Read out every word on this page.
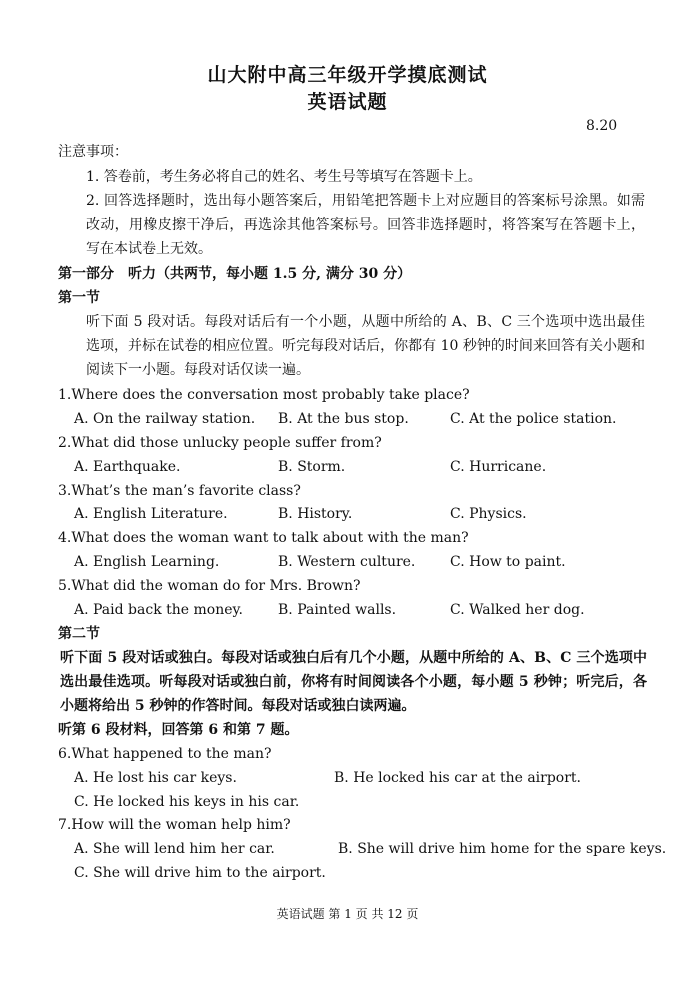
山大附中高三年级开学摸底测试
英语试题
8.20
注意事项：
1. 答卷前，考生务必将自己的姓名、考生号等填写在答题卡上。
2. 回答选择题时，选出每小题答案后，用铅笔把答题卡上对应题目的答案标号涂黑。如需改动，用橡皮擦干净后，再选涂其他答案标号。回答非选择题时，将答案写在答题卡上，写在本试卷上无效。
第一部分　听力（共两节，每小题 1.5 分, 满分 30 分）
第一节
听下面 5 段对话。每段对话后有一个小题，从题中所给的 A、B、C 三个选项中选出最佳选项，并标在试卷的相应位置。听完每段对话后，你都有 10 秒钟的时间来回答有关小题和阅读下一小题。每段对话仅读一遍。
1.Where does the conversation most probably take place?
A. On the railway station. B. At the bus stop.	C. At the police station.
2.What did those unlucky people suffer from?
A. Earthquake.	B. Storm.	C. Hurricane.
3.What’s the man’s favorite class?
A. English Literature.	B. History.	C. Physics.
4.What does the woman want to talk about with the man?
A. English Learning.	B. Western culture. C. How to paint.
5.What did the woman do for Mrs. Brown?
A. Paid back the money. B. Painted walls.	C. Walked her dog.
第二节
听下面 5 段对话或独白。每段对话或独白后有几个小题，从题中所给的 A、B、C 三个选项中选出最佳选项。听每段对话或独白前，你将有时间阅读各个小题，每小题 5 秒钟；听完后，各小题将给出 5 秒钟的作答时间。每段对话或独白读两遍。
听第 6 段材料，回答第 6 和第 7 题。
6.What happened to the man?
A. He lost his car keys.	B. He locked his car at the airport.
C. He locked his keys in his car.
7.How will the woman help him?
A. She will lend him her car.	B. She will drive him home for the spare keys.
C. She will drive him to the airport.
英语试题 第 1 页 共 12 页
